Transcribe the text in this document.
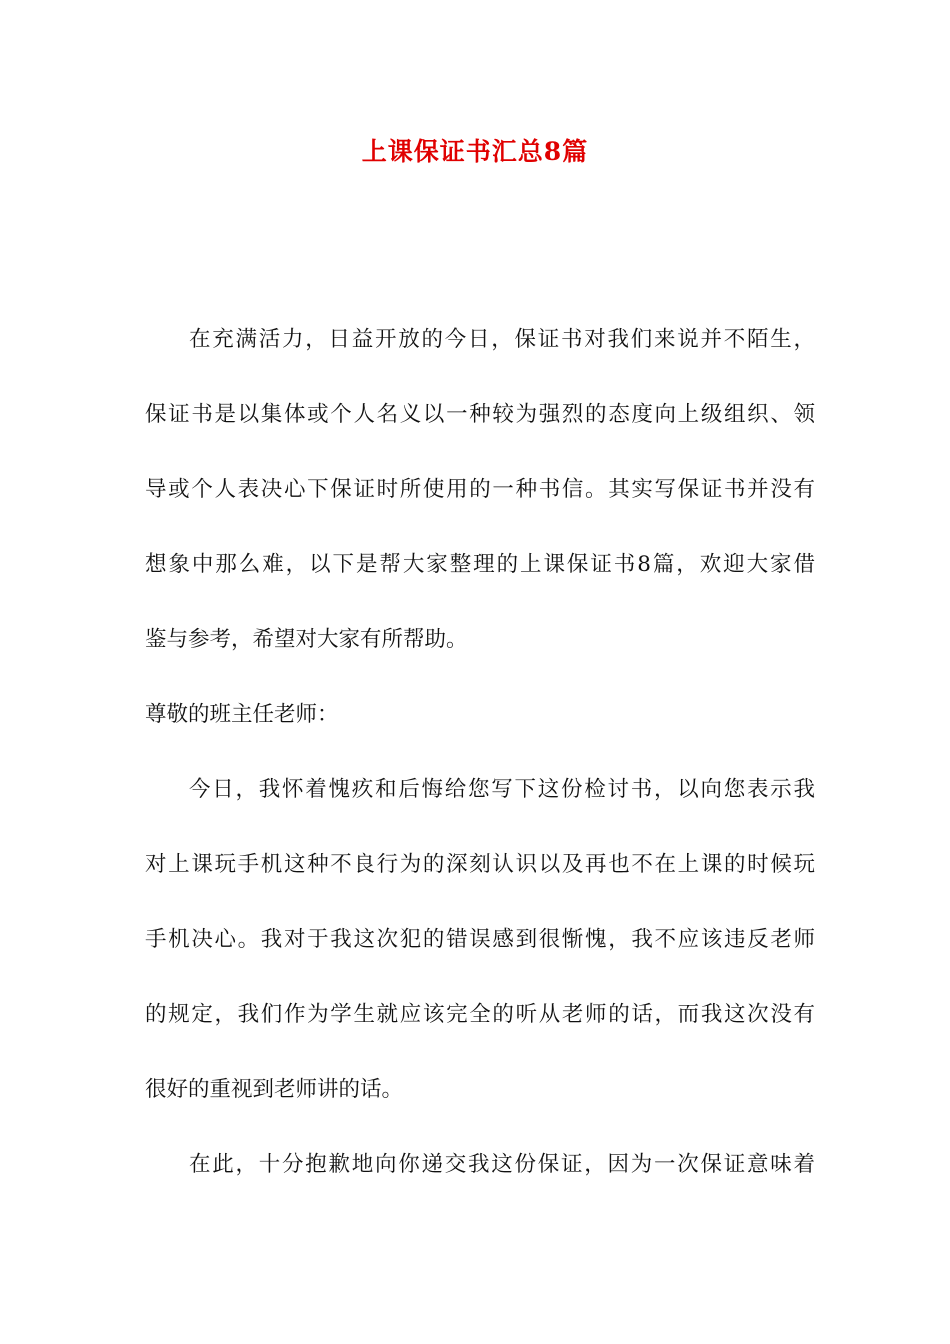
上课保证书汇总8篇
在充满活力，日益开放的今日，保证书对我们来说并不陌生，
保证书是以集体或个人名义以一种较为强烈的态度向上级组织、领
导或个人表决心下保证时所使用的一种书信。其实写保证书并没有
想象中那么难，以下是帮大家整理的上课保证书8篇，欢迎大家借
鉴与参考，希望对大家有所帮助。
尊敬的班主任老师：
今日，我怀着愧疚和后悔给您写下这份检讨书，以向您表示我
对上课玩手机这种不良行为的深刻认识以及再也不在上课的时候玩
手机决心。我对于我这次犯的错误感到很惭愧，我不应该违反老师
的规定，我们作为学生就应该完全的听从老师的话，而我这次没有
很好的重视到老师讲的话。
在此，十分抱歉地向你递交我这份保证，因为一次保证意味着
